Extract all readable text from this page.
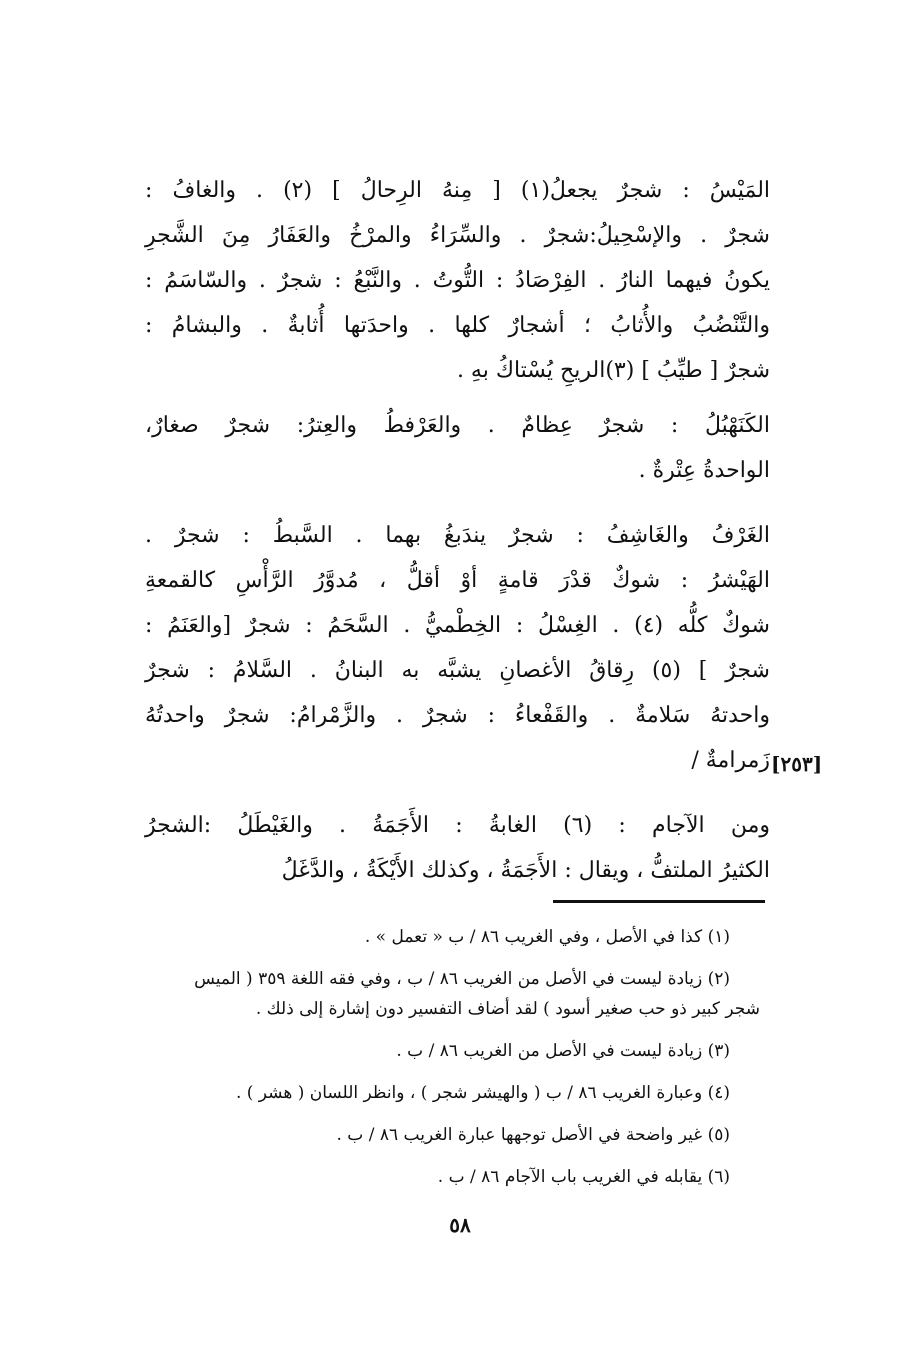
المَيْسُ : شجرٌ يجعلُ(١) [ مِنهُ الرِحالُ ] (٢) . والغافُ :
شجرٌ . والإسْحِيلُ:شجرٌ . والسِّرَاءُ والمرْخُ والعَفَارُ مِنَ الشَّجرِ
يكونُ فيهما النارُ . الفِرْصَادُ : التُّوتُ . والنَّبْعُ : شجرٌ . والسّاسَمُ :
والتَّنْضُبُ والأُثابُ ؛ أشجارٌ كلها . واحدَتها أُثابةٌ . والبشامُ :
شجرٌ [ طيِّبُ ] (٣)الريحِ يُسْتاكُ بهِ .
الكَنَهْبُلُ : شجرٌ عِظامٌ . والعَرْفطُ والعِترُ: شجرٌ صغارٌ،
الواحدةُ عِتْرةٌ .
الغَرْفُ والغَاشِفُ : شجرٌ يندَبغُ بهما . السَّبطُ : شجرٌ .
الهَيْشرُ : شوكٌ قدْرَ قامةٍ أوْ أقلُّ ، مُدوَّرُ الرَّأْسِ كالقمعةِ
شوكٌ كلُّه (٤) . الغِسْلُ : الخِطْميُّ . السَّحَمُ : شجرٌ [والعَنَمُ :
شجرٌ ] (٥) رِقاقُ الأغصانِ يشبَّه به البنانُ . السَّلامُ : شجرٌ
واحدتهُ سَلامةٌ . والقَفْعاءُ : شجرٌ . والزَّمْرامُ: شجرٌ واحدتُهُ
زَمرامةٌ /
ومن الآجام : (٦) الغابةُ : الأَجَمَةُ . والغَيْطَلُ :الشجرُ
الكثيرُ الملتفُّ ، ويقال : الأَجَمَةُ ، وكذلك الأَيْكَةُ ، والدَّغَلُ
[٢٥٣]
(١) كذا في الأصل ، وفي الغريب ٨٦ / ب « تعمل » .
(٢) زيادة ليست في الأصل من الغريب ٨٦ / ب ، وفي فقه اللغة ٣٥٩ ( الميس
شجر كبير ذو حب صغير أسود ) لقد أضاف التفسير دون إشارة إلى ذلك .
(٣) زيادة ليست في الأصل من الغريب ٨٦ / ب .
(٤) وعبارة الغريب ٨٦ / ب ( والهيشر شجر ) ، وانظر اللسان ( هشر ) .
(٥) غير واضحة في الأصل توجهها عبارة الغريب ٨٦ / ب .
(٦) يقابله في الغريب باب الآجام ٨٦ / ب .
٥٨
